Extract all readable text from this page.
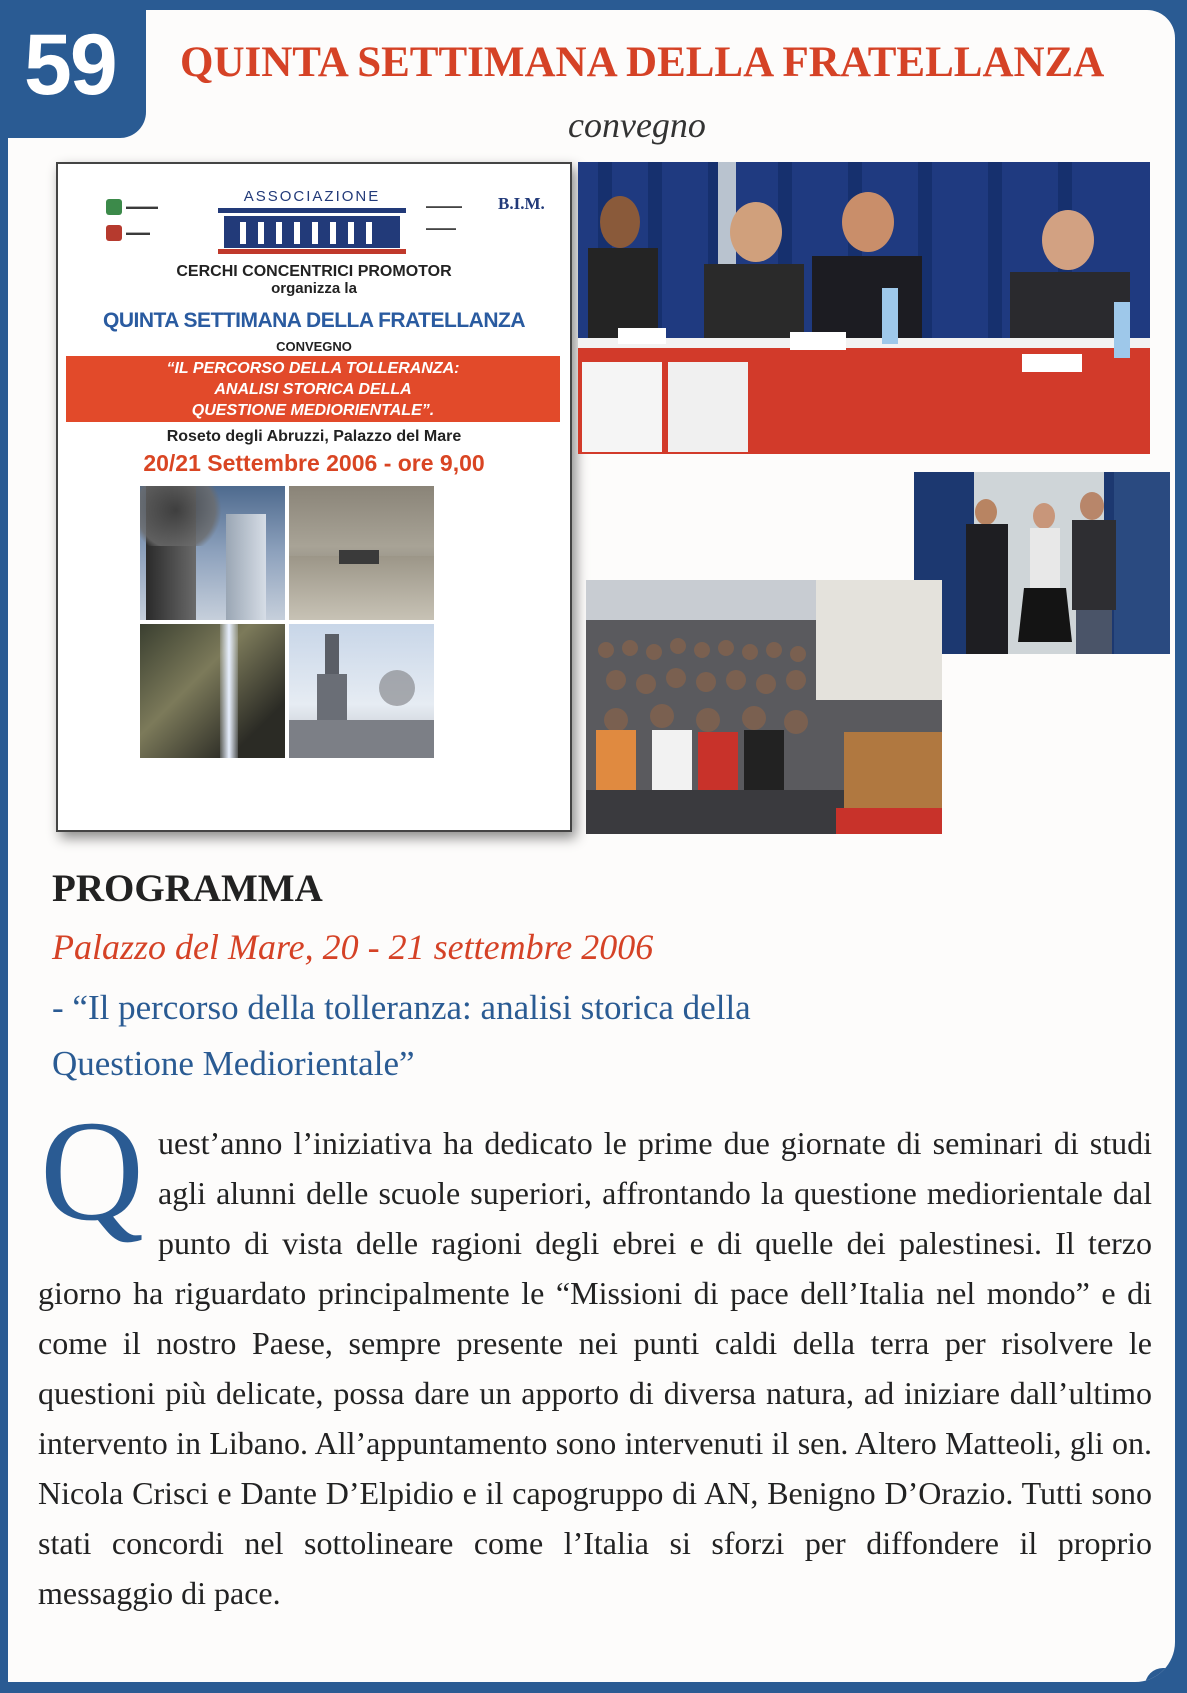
59 QUINTA SETTIMANA DELLA FRATELLANZA
convegno
▬▬▬▬
▬▬▬
ASSOCIAZIONE
▬▬▬▬▬▬
▬▬▬▬▬
B.I.M.
CERCHI CONCENTRICI PROMOTOR
organizza la
QUINTA SETTIMANA DELLA FRATELLANZA
CONVEGNO
“IL PERCORSO DELLA TOLLERANZA:
ANALISI STORICA DELLA
QUESTIONE MEDIORIENTALE”.
Roseto degli Abruzzi, Palazzo del Mare
20/21 Settembre 2006 - ore 9,00
PROGRAMMA
Palazzo del Mare, 20 - 21 settembre 2006
- “Il percorso della tolleranza: analisi storica della
Questione Mediorientale”
Q uest’anno l’iniziativa ha dedicato le prime due giornate di seminari di studi agli alunni delle scuole superiori, affrontando la questione mediorientale dal punto di vista delle ragioni degli ebrei e di quelle dei palestinesi. Il terzo giorno ha riguardato principalmente le “Missioni di pace dell’Italia nel mondo” e di come il nostro Paese, sempre presente nei punti caldi della terra per risolvere le questioni più delicate, possa dare un apporto di diversa natura, ad iniziare dall’ultimo intervento in Libano. All’appuntamento sono intervenuti il sen. Altero Matteoli, gli on. Nicola Crisci e Dante D’Elpidio e il capogruppo di AN, Benigno D’Orazio. Tutti sono stati concordi nel sottolineare come l’Italia si sforzi per diffondere il proprio messaggio di pace.
